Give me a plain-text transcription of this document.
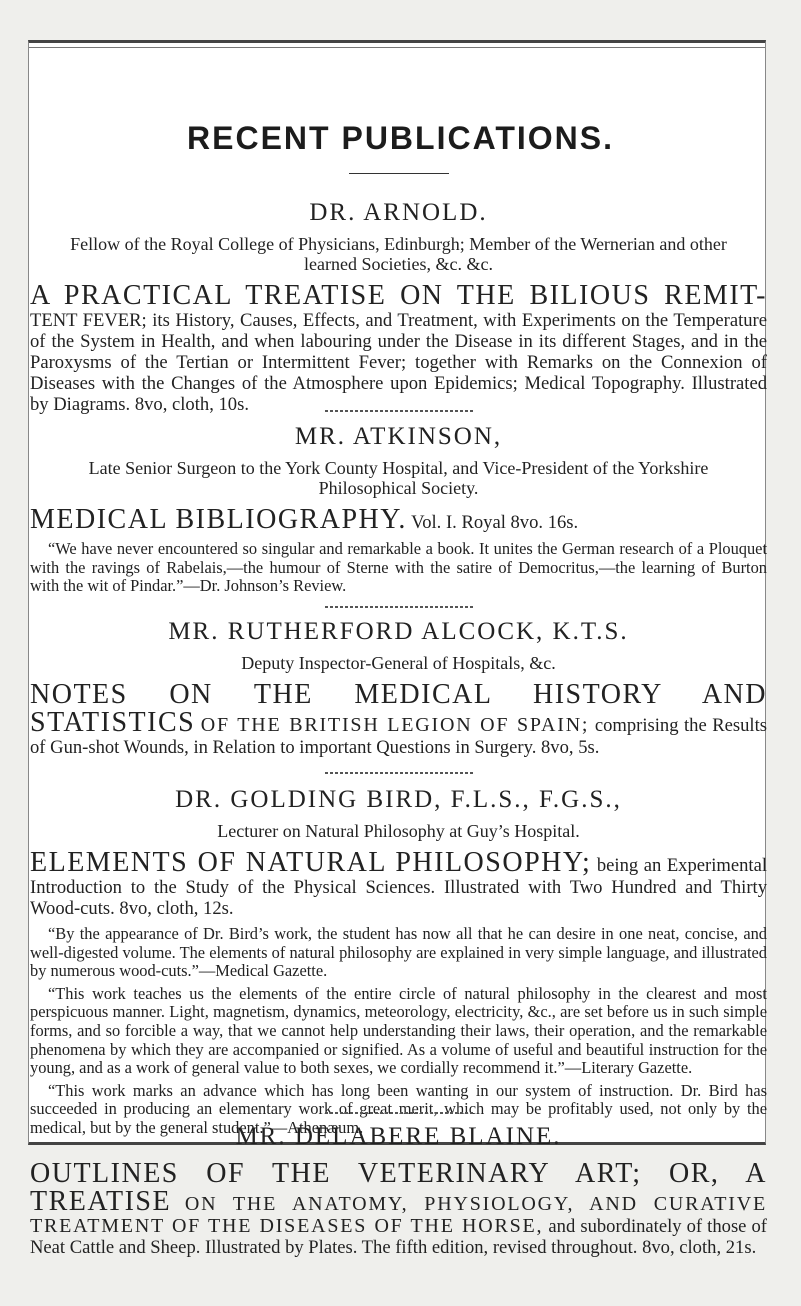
RECENT PUBLICATIONS.
DR. ARNOLD.

Fellow of the Royal College of Physicians, Edinburgh; Member of the Wernerian and other learned Societies, &c. &c.

A PRACTICAL TREATISE ON THE BILIOUS REMIT- TENT FEVER; its History, Causes, Effects, and Treatment, with Experiments on the Temperature of the System in Health, and when labouring under the Disease in its different Stages, and in the Paroxysms of the Tertian or Intermittent Fever; together with Remarks on the Connexion of Diseases with the Changes of the Atmosphere upon Epidemics; Medical Topography. Illustrated by Diagrams. 8vo, cloth, 10s.

MR. ATKINSON,

Late Senior Surgeon to the York County Hospital, and Vice-President of the Yorkshire Philosophical Society.

MEDICAL BIBLIOGRAPHY. Vol. I. Royal 8vo. 16s.

“We have never encountered so singular and remarkable a book. It unites the German research of a Plouquet with the ravings of Rabelais,—the humour of Sterne with the satire of Democritus,—the learning of Burton with the wit of Pindar.”—Dr. Johnson’s Review.

MR. RUTHERFORD ALCOCK, K.T.S.

Deputy Inspector-General of Hospitals, &c.

NOTES ON THE MEDICAL HISTORY AND STATISTICS OF THE BRITISH LEGION OF SPAIN; comprising the Results of Gun-shot Wounds, in Relation to important Questions in Surgery. 8vo, 5s.

DR. GOLDING BIRD, F.L.S., F.G.S.,

Lecturer on Natural Philosophy at Guy’s Hospital.

ELEMENTS OF NATURAL PHILOSOPHY; being an Experimental Introduction to the Study of the Physical Sciences. Illustrated with Two Hundred and Thirty Wood-cuts. 8vo, cloth, 12s.

“By the appearance of Dr. Bird’s work, the student has now all that he can desire in one neat, concise, and well-digested volume. The elements of natural philosophy are explained in very simple language, and illustrated by numerous wood-cuts.”—Medical Gazette.

“This work teaches us the elements of the entire circle of natural philosophy in the clearest and most perspicuous manner. Light, magnetism, dynamics, meteorology, electricity, &c., are set before us in such simple forms, and so forcible a way, that we cannot help understanding their laws, their operation, and the remarkable phenomena by which they are accompanied or signified. As a volume of useful and beautiful instruction for the young, and as a work of general value to both sexes, we cordially recommend it.”—Literary Gazette.

“This work marks an advance which has long been wanting in our system of instruction. Dr. Bird has succeeded in producing an elementary work of great merit, which may be profitably used, not only by the medical, but by the general student.”—Athenæum.

MR. DELABERE BLAINE.

OUTLINES OF THE VETERINARY ART; OR, A TREATISE ON THE ANATOMY, PHYSIOLOGY, AND CURATIVE TREATMENT OF THE DISEASES OF THE HORSE, and subordinately of those of Neat Cattle and Sheep. Illustrated by Plates. The fifth edition, revised throughout. 8vo, cloth, 21s.
